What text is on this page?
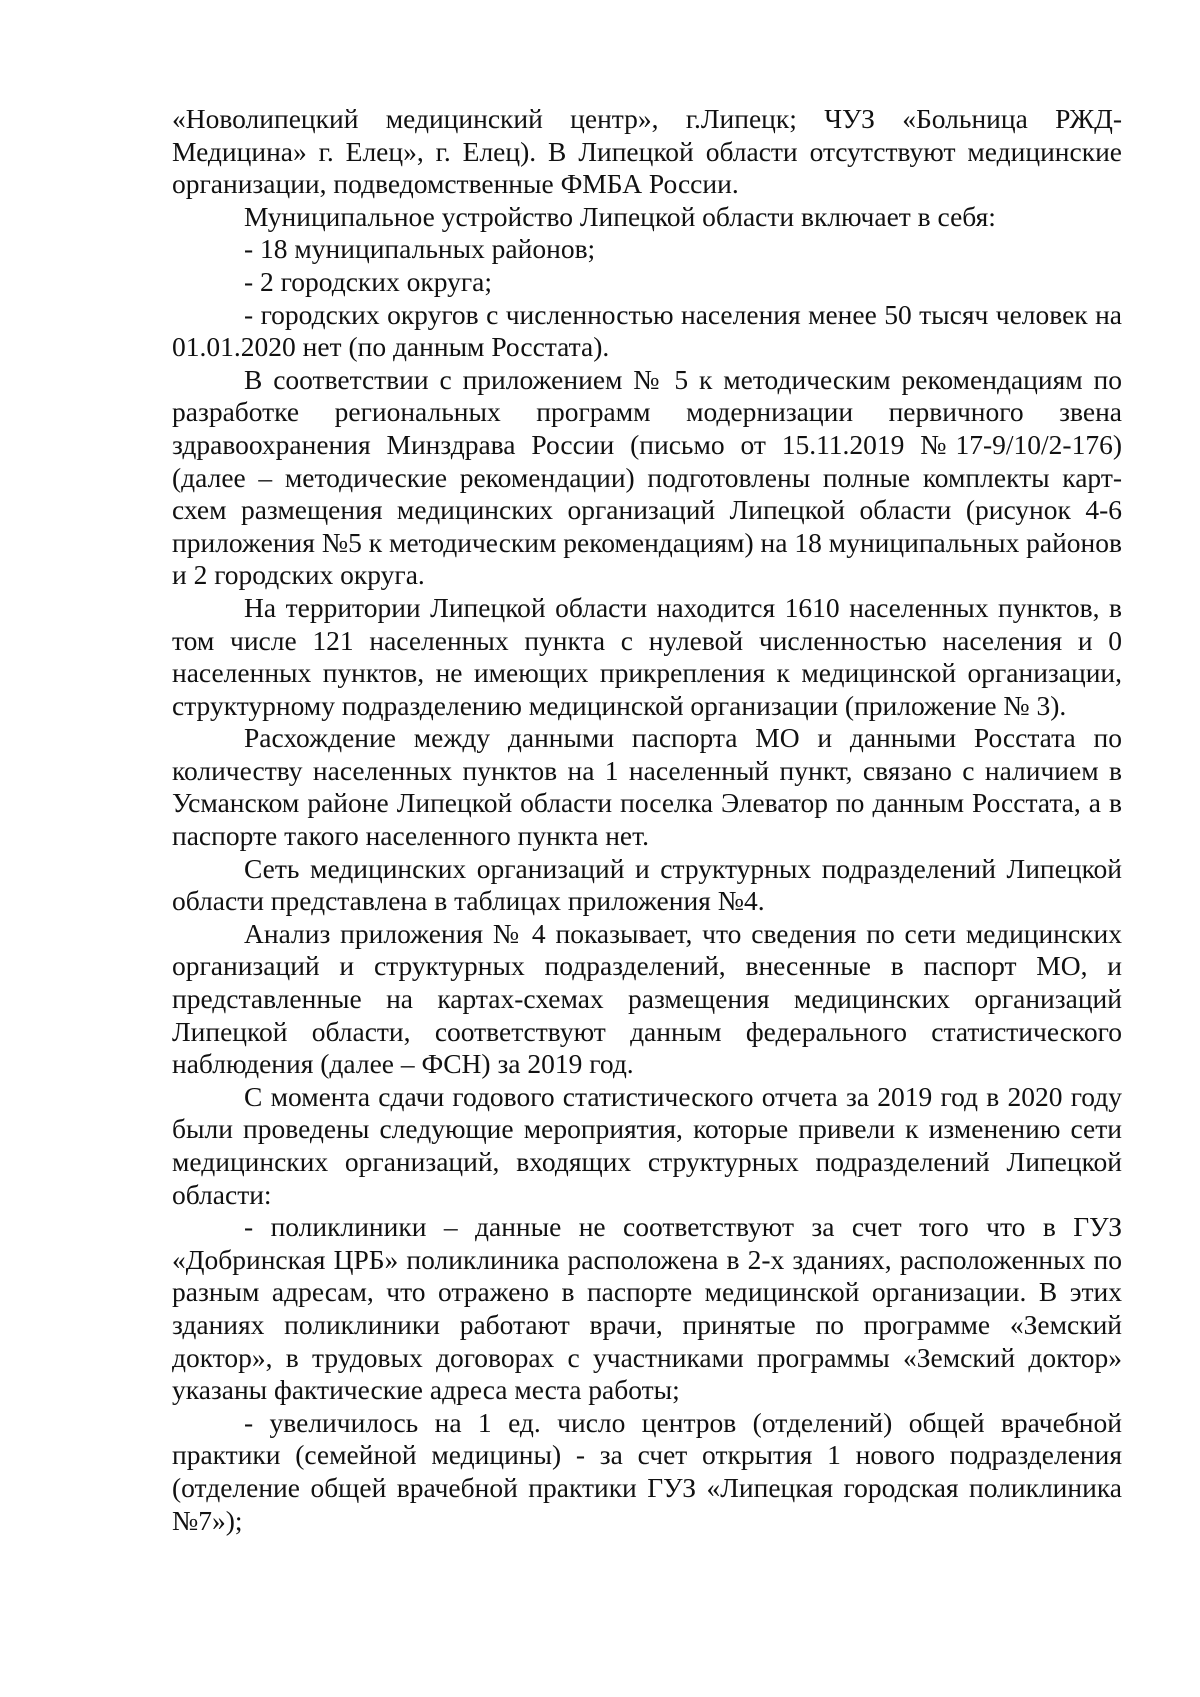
«Новолипецкий медицинский центр», г.Липецк; ЧУЗ «Больница РЖД-Медицина» г. Елец», г. Елец). В Липецкой области отсутствуют медицинские организации, подведомственные ФМБА России.

Муниципальное устройство Липецкой области включает в себя:

- 18 муниципальных районов;

- 2 городских округа;

- городских округов с численностью населения менее 50 тысяч человек на 01.01.2020 нет (по данным Росстата).

В соответствии с приложением № 5 к методическим рекомендациям по разработке региональных программ модернизации первичного звена здравоохранения Минздрава России (письмо от 15.11.2019 №17-9/10/2-176) (далее – методические рекомендации) подготовлены полные комплекты карт-схем размещения медицинских организаций Липецкой области (рисунок 4-6 приложения №5 к методическим рекомендациям) на 18 муниципальных районов и 2 городских округа.

На территории Липецкой области находится 1610 населенных пунктов, в том числе 121 населенных пункта с нулевой численностью населения и 0 населенных пунктов, не имеющих прикрепления к медицинской организации, структурному подразделению медицинской организации (приложение № 3).

Расхождение между данными паспорта МО и данными Росстата по количеству населенных пунктов на 1 населенный пункт, связано с наличием в Усманском районе Липецкой области поселка Элеватор по данным Росстата, а в паспорте такого населенного пункта нет.

Сеть медицинских организаций и структурных подразделений Липецкой области представлена в таблицах приложения №4.

Анализ приложения № 4 показывает, что сведения по сети медицинских организаций и структурных подразделений, внесенные в паспорт МО, и представленные на картах-схемах размещения медицинских организаций Липецкой области, соответствуют данным федерального статистического наблюдения (далее – ФСН) за 2019 год.

С момента сдачи годового статистического отчета за 2019 год в 2020 году были проведены следующие мероприятия, которые привели к изменению сети медицинских организаций, входящих структурных подразделений Липецкой области:

- поликлиники – данные не соответствуют за счет того что в ГУЗ «Добринская ЦРБ» поликлиника расположена в 2-х зданиях, расположенных по разным адресам, что отражено в паспорте медицинской организации. В этих зданиях поликлиники работают врачи, принятые по программе «Земский доктор», в трудовых договорах с участниками программы «Земский доктор» указаны фактические адреса места работы;

- увеличилось на 1 ед. число центров (отделений) общей врачебной практики (семейной медицины) - за счет открытия 1 нового подразделения (отделение общей врачебной практики ГУЗ «Липецкая городская поликлиника №7»);
